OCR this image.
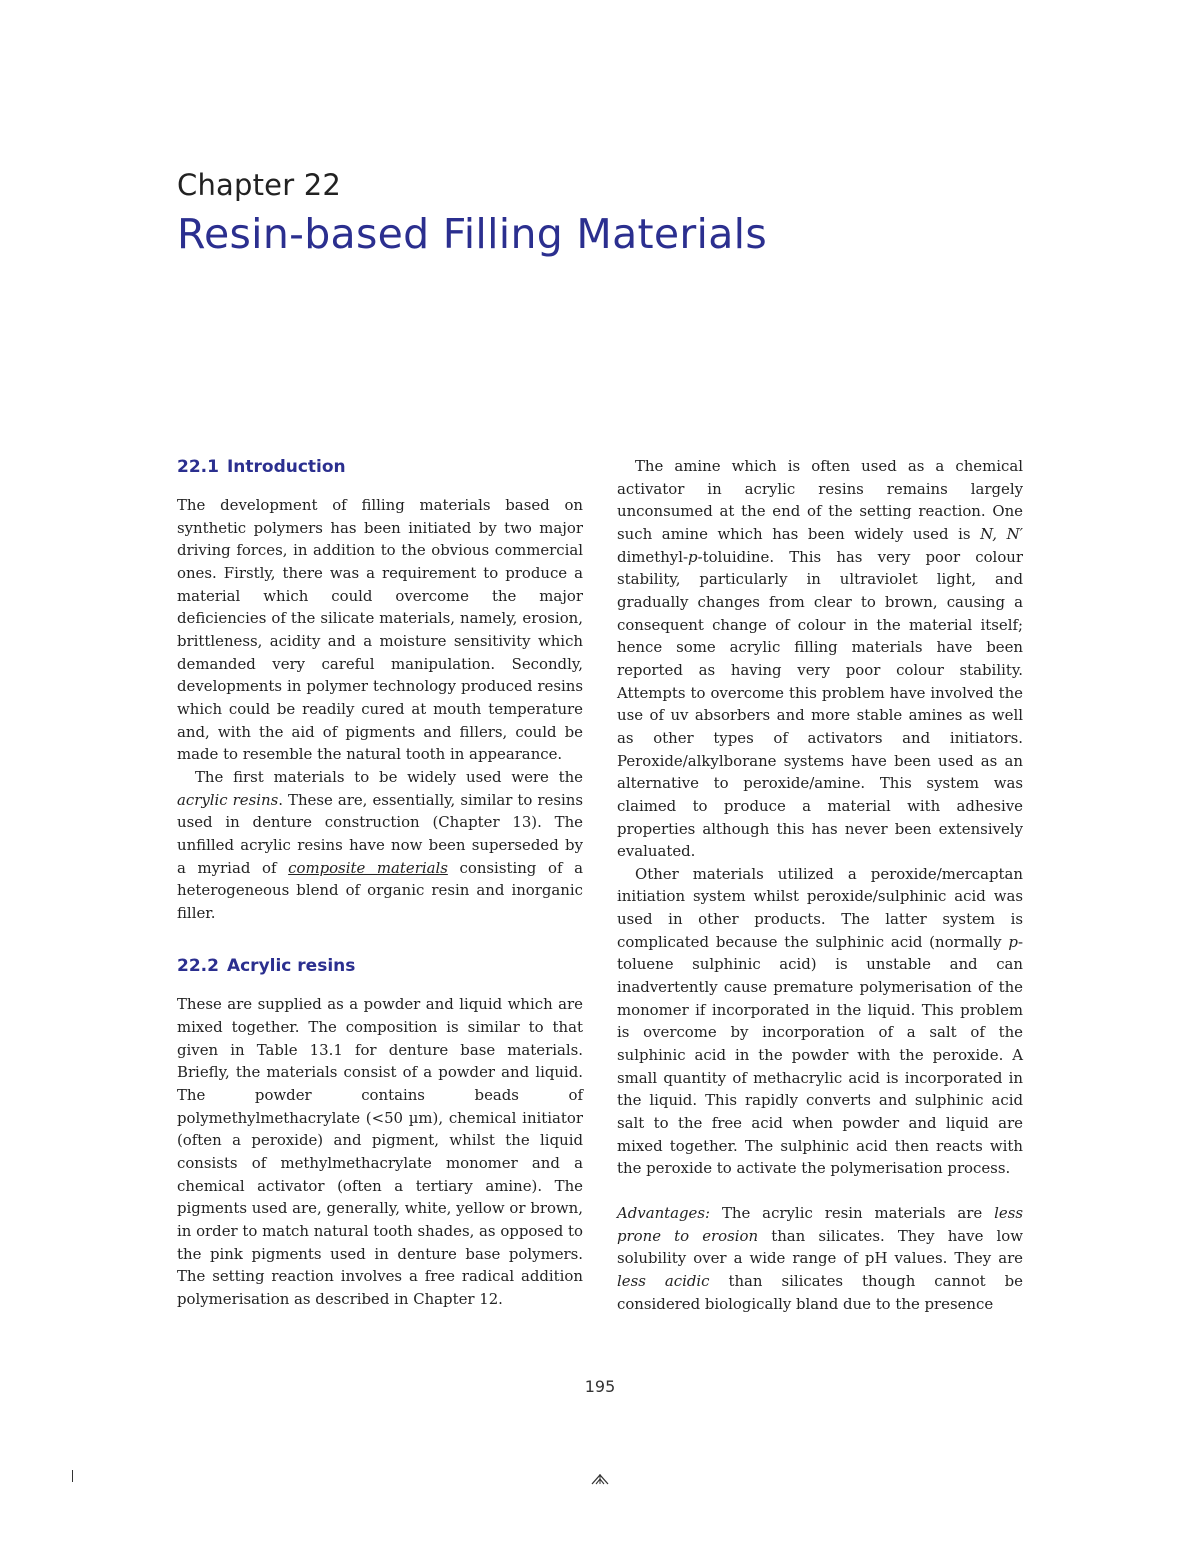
Chapter 22
Resin-based Filling Materials
22.1 Introduction

The development of filling materials based on synthetic polymers has been initiated by two major driving forces, in addition to the obvious commercial ones. Firstly, there was a requirement to produce a material which could overcome the major deficiencies of the silicate materials, namely, erosion, brittleness, acidity and a moisture sensitivity which demanded very careful manipulation. Secondly, developments in polymer technology produced resins which could be readily cured at mouth temperature and, with the aid of pigments and fillers, could be made to resemble the natural tooth in appearance.

The first materials to be widely used were the acrylic resins. These are, essentially, similar to resins used in denture construction (Chapter 13). The unfilled acrylic resins have now been superseded by a myriad of composite materials consisting of a heterogeneous blend of organic resin and inorganic filler.

22.2 Acrylic resins

These are supplied as a powder and liquid which are mixed together. The composition is similar to that given in Table 13.1 for denture base materials. Briefly, the materials consist of a powder and liquid. The powder contains beads of polymethylmethacrylate (<50 µm), chemical initiator (often a peroxide) and pigment, whilst the liquid consists of methylmethacrylate monomer and a chemical activator (often a tertiary amine). The pigments used are, generally, white, yellow or brown, in order to match natural tooth shades, as opposed to the pink pigments used in denture base polymers. The setting reaction involves a free radical addition polymerisation as described in Chapter 12.

The amine which is often used as a chemical activator in acrylic resins remains largely unconsumed at the end of the setting reaction. One such amine which has been widely used is N, N′ dimethyl-p-toluidine. This has very poor colour stability, particularly in ultraviolet light, and gradually changes from clear to brown, causing a consequent change of colour in the material itself; hence some acrylic filling materials have been reported as having very poor colour stability. Attempts to overcome this problem have involved the use of uv absorbers and more stable amines as well as other types of activators and initiators. Peroxide/alkylborane systems have been used as an alternative to peroxide/amine. This system was claimed to produce a material with adhesive properties although this has never been extensively evaluated.

Other materials utilized a peroxide/mercaptan initiation system whilst peroxide/sulphinic acid was used in other products. The latter system is complicated because the sulphinic acid (normally p-toluene sulphinic acid) is unstable and can inadvertently cause premature polymerisation of the monomer if incorporated in the liquid. This problem is overcome by incorporation of a salt of the sulphinic acid in the powder with the peroxide. A small quantity of methacrylic acid is incorporated in the liquid. This rapidly converts and sulphinic acid salt to the free acid when powder and liquid are mixed together. The sulphinic acid then reacts with the peroxide to activate the polymerisation process.

Advantages: The acrylic resin materials are less prone to erosion than silicates. They have low solubility over a wide range of pH values. They are less acidic than silicates though cannot be considered biologically bland due to the presence

195
